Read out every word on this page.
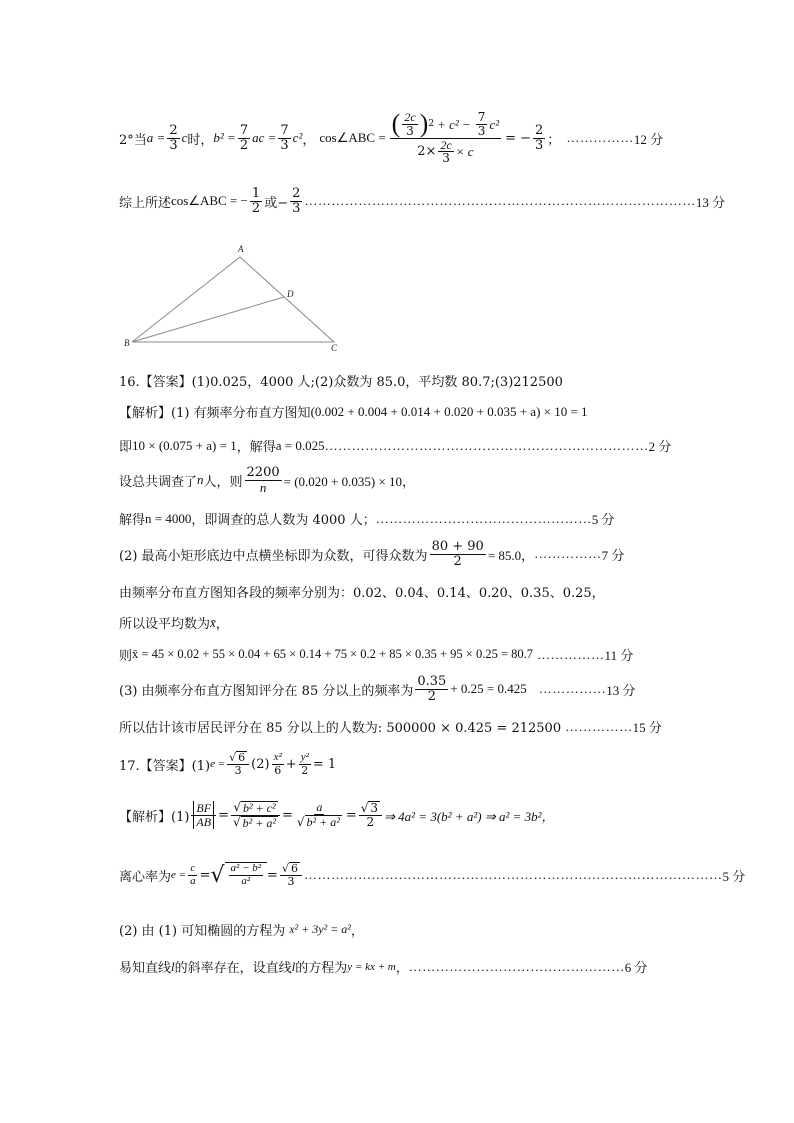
2°当 $a = \frac{2}{3}$ c 时， $b^2 = \frac{7}{2}$ ac = $\frac{7}{3} c^2$ ， cos∠ABC = $\frac{( \frac{2c}{3} ) 2 + c^2 - \frac{7}{3} c^2}{2\times \frac{2c}{3} \times c}$ = − $\frac{2}{3}$ ； …………… 12 分
综上所述 cos∠ABC = − $\frac{1}{2}$ 或− $\frac{2}{3}$ …………………………………………………………………………… 13 分
A
B	C
D
16.【答案】(1)0.025，4000 人;(2)众数为 85.0，平均数 80.7;(3)212500
【解析】(1) 有频率分布直方图知 (0.002 + 0.004 + 0.014 + 0.020 + 0.035 + a) × 10 = 1
即 10 × (0.075 + a) = 1 ，解得 a = 0.025 ……………………………………………………………… 2 分
设总共调查了 n 人，则 $\frac{2200}{n} = (0.020 + 0.035) \times 10$，
解得 n = 4000 ，即调查的总人数为 4000 人； ………………………………………… 5 分
(2) 最高小矩形底边中点横坐标即为众数，可得众数为 $\frac{80 + 90}{2} = 85.0$， …………… 7 分
由频率分布直方图知各段的频率分别为：0.02、0.04、0.14、0.20、0.35、0.25，
所以设平均数为 x̄ ，
则 x̄ = 45 × 0.02 + 55 × 0.04 + 65 × 0.14 + 75 × 0.2 + 85 × 0.35 + 95 × 0.25 = 80.7 …………… 11 分
(3) 由频率分布直方图知评分在 85 分以上的频率为 $\frac{0.35}{2} + 0.25 = 0.425$ …………… 13 分
所以估计该市居民评分在 85 分以上的人数为: 500000 × 0.425 = 212500 …………… 15 分
17.【答案】(1) $e = \frac{√ 6}{3} (2) \frac{\text{x²}}{6} + \frac{\text{y²}}{2} = 1$
【解析】$(1) \frac{BF}{AB} = \frac{\text{√ b² + c²}}{\text{√ b² + a²}} = \frac{a}{\text{√ b² + a²}} = \frac{√ 3}{2}$ ⇒ 4a² = 3(b² + a²) ⇒ a² = 3b²，
离心率为 $e = \frac{c}{a}$ = √ $\frac{\text{a² − b²}}{\text{a²}} = \frac{√ 6}{3}$ ………………………………………………………………………………… 5 分
(2) 由 (1) 可知椭圆的方程为 x² + 3y² = a² ，
易知直线 l 的斜率存在，设直线 l 的方程为 y = kx + m ， ………………………………………… 6 分
